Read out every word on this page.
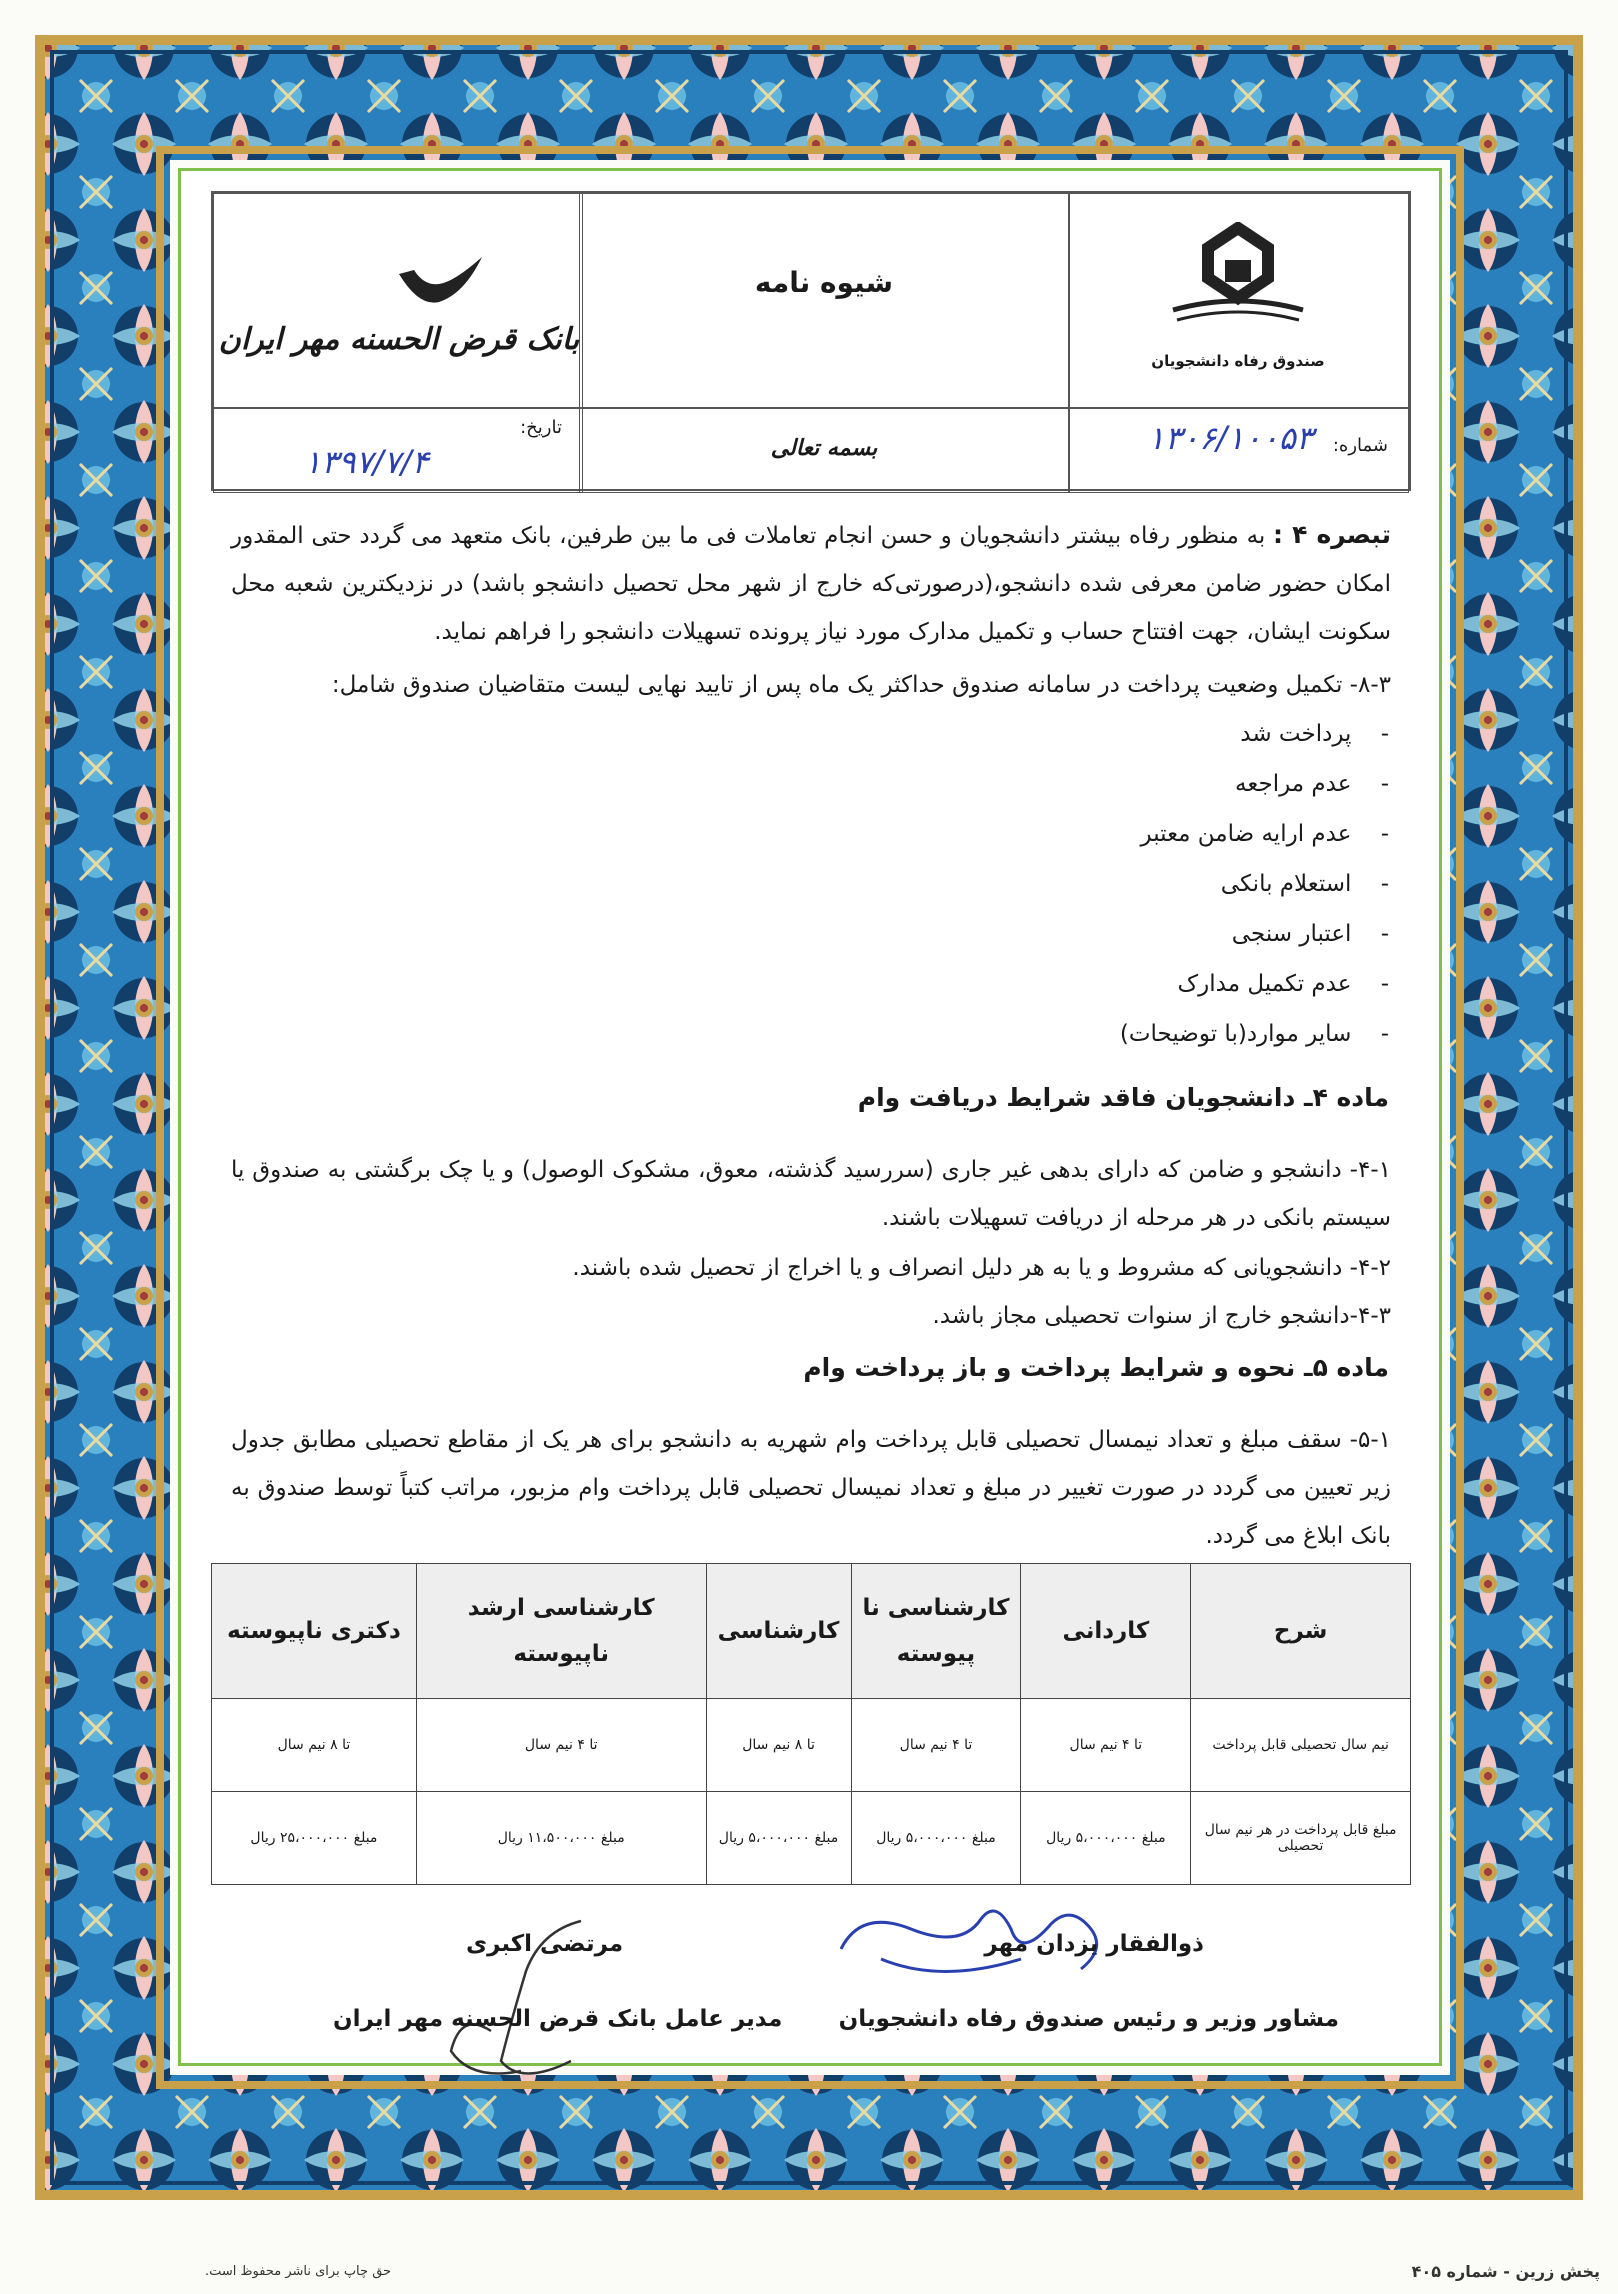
صندوق رفاه دانشجویان
شیوه نامه
بانک قرض الحسنه مهر ایران
شماره:
۱۳۰۶/۱۰۰۵۳
بسمه تعالی
تاریخ:
۱۳۹۷/۷/۴
تبصره ۴ : به منظور رفاه بیشتر دانشجویان و حسن انجام تعاملات فی ما بین طرفین، بانک متعهد می گردد حتی المقدور امکان حضور ضامن معرفی شده دانشجو،(درصورتی‌که خارج از شهر محل تحصیل دانشجو باشد) در نزدیکترین شعبه محل سکونت ایشان، جهت افتتاح حساب و تکمیل مدارک مورد نیاز پرونده تسهیلات دانشجو را فراهم نماید.
۸-۳- تکمیل وضعیت پرداخت در سامانه صندوق حداکثر یک ماه پس از تایید نهایی لیست متقاضیان صندوق شامل:
-    پرداخت شد
-    عدم مراجعه
-    عدم ارایه ضامن معتبر
-    استعلام بانکی
-    اعتبار سنجی
-    عدم تکمیل مدارک
-    سایر موارد(با توضیحات)
ماده ۴ـ دانشجویان فاقد شرایط دریافت وام
۴-۱- دانشجو و ضامن که دارای بدهی غیر جاری (سررسید گذشته، معوق، مشکوک الوصول) و یا چک برگشتی به صندوق یا سیستم بانکی در هر مرحله از دریافت تسهیلات باشند.
۴-۲- دانشجویانی که مشروط و یا به هر دلیل انصراف و یا اخراج از تحصیل شده باشند.
۴-۳-دانشجو خارج از سنوات تحصیلی مجاز باشد.
ماده ۵ـ نحوه و شرایط پرداخت و باز پرداخت وام
۵-۱- سقف مبلغ و تعداد نیمسال تحصیلی قابل پرداخت وام شهریه به دانشجو برای هر یک از مقاطع تحصیلی مطابق جدول زیر تعیین می گردد در صورت تغییر در مبلغ و تعداد نمیسال تحصیلی قابل پرداخت وام مزبور، مراتب کتباً توسط صندوق به بانک ابلاغ می گردد.
شرح	کاردانی	کارشناسی نا پیوسته	کارشناسی	کارشناسی ارشد ناپیوسته	دکتری ناپیوسته
نیم سال تحصیلی قابل پرداخت	تا ۴ نیم سال	تا ۴ نیم سال	تا ۸ نیم سال	تا ۴ نیم سال	تا ۸ نیم سال
مبلغ قابل پرداخت در هر نیم سال تحصیلی	مبلغ ۵،۰۰۰،۰۰۰ ریال	مبلغ ۵،۰۰۰،۰۰۰ ریال	مبلغ ۵،۰۰۰،۰۰۰ ریال	مبلغ ۱۱،۵۰۰،۰۰۰ ریال	مبلغ ۲۵،۰۰۰،۰۰۰ ریال
ذوالفقار یزدان مهر
مشاور وزیر و رئیس صندوق رفاه دانشجویان
مرتضی اکبری
مدیر عامل بانک قرض الحسنه مهر ایران
پخش زرین - شماره ۴۰۵
حق چاپ برای ناشر محفوظ است.
